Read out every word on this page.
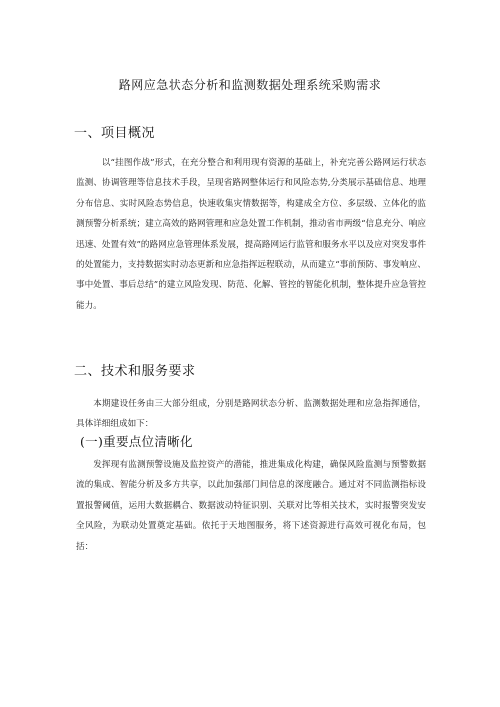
路网应急状态分析和监测数据处理系统采购需求
一、项目概况

以“挂图作战”形式，在充分整合和利用现有资源的基础上，补充完善公路网运行状态监测、协调管理等信息技术手段，呈现省路网整体运行和风险态势,分类展示基础信息、地理分布信息、实时风险态势信息，快速收集灾情数据等，构建成全方位、多层级、立体化的监测预警分析系统；建立高效的路网管理和应急处置工作机制，推动省市两级“信息充分、响应迅速、处置有效”的路网应急管理体系发展，提高路网运行监管和服务水平以及应对突发事件的处置能力，支持数据实时动态更新和应急指挥远程联动，从而建立“事前预防、事发响应、事中处置、事后总结”的建立风险发现、防范、化解、管控的智能化机制，整体提升应急管控能力。

二、技术和服务要求

本期建设任务由三大部分组成，分别是路网状态分析、监测数据处理和应急指挥通信，具体详细组成如下：

(一)重要点位清晰化

发挥现有监测预警设施及监控资产的潜能，推进集成化构建，确保风险监测与预警数据流的集成、智能分析及多方共享，以此加强部门间信息的深度融合。通过对不同监测指标设置报警阈值，运用大数据耦合、数据波动特征识别、关联对比等相关技术，实时报警突发安全风险，为联动处置奠定基础。依托于天地图服务，将下述资源进行高效可视化布局，包括：
